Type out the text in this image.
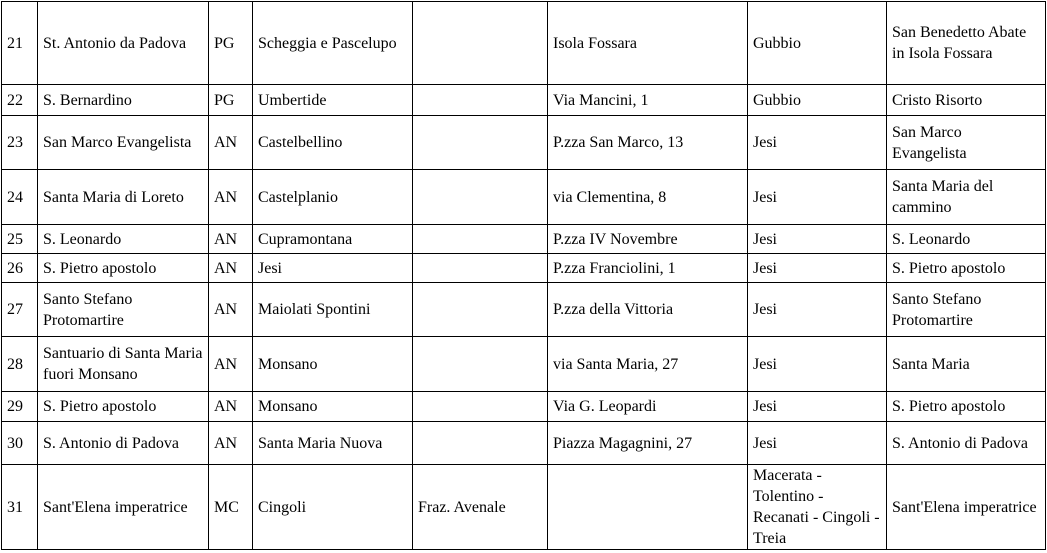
21	St. Antonio da Padova	PG	Scheggia e Pascelupo		Isola Fossara	Gubbio	San Benedetto Abate in Isola Fossara
22	S. Bernardino	PG	Umbertide		Via Mancini, 1	Gubbio	Cristo Risorto
23	San Marco Evangelista	AN	Castelbellino		P.zza San Marco, 13	Jesi	San Marco Evangelista
24	Santa Maria di Loreto	AN	Castelplanio		via Clementina, 8	Jesi	Santa Maria del cammino
25	S. Leonardo	AN	Cupramontana		P.zza IV Novembre	Jesi	S. Leonardo
26	S. Pietro apostolo	AN	Jesi		P.zza Franciolini, 1	Jesi	S. Pietro apostolo
27	Santo Stefano Protomartire	AN	Maiolati Spontini		P.zza della Vittoria	Jesi	Santo Stefano Protomartire
28	Santuario di Santa Maria fuori Monsano	AN	Monsano		via Santa Maria, 27	Jesi	Santa Maria
29	S. Pietro apostolo	AN	Monsano		Via G. Leopardi	Jesi	S. Pietro apostolo
30	S. Antonio di Padova	AN	Santa Maria Nuova		Piazza Magagnini, 27	Jesi	S. Antonio di Padova
31	Sant'Elena imperatrice	MC	Cingoli	Fraz. Avenale		Macerata - Tolentino - Recanati - Cingoli - Treia	Sant'Elena imperatrice
